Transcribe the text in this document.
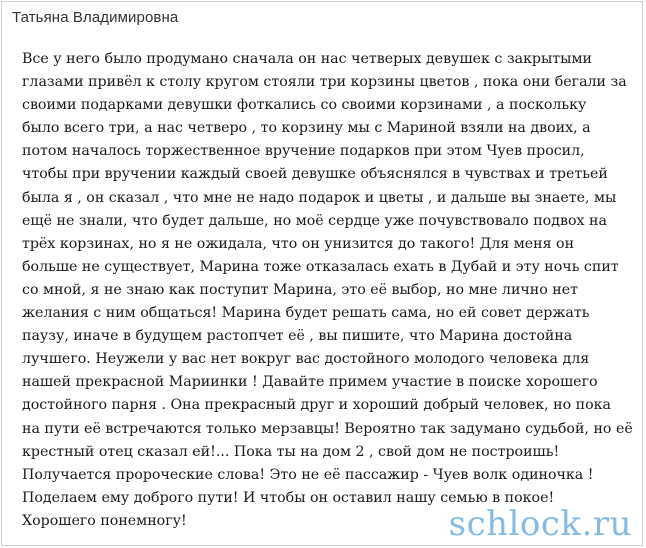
Татьяна Владимировна
Все у него было продумано сначала он нас четверых девушек с закрытыми
глазами привёл к столу кругом стояли три корзины цветов , пока они бегали за
своими подарками девушки фоткались со своими корзинами , а поскольку
было всего три, а нас четверо , то корзину мы с Мариной взяли на двоих, а
потом началось торжественное вручение подарков при этом Чуев просил,
чтобы при вручении каждый своей девушке объяснялся в чувствах и третьей
была я , он сказал , что мне не надо подарок и цветы , и дальше вы знаете, мы
ещё не знали, что будет дальше, но моё сердце уже почувствовало подвох на
трёх корзинах, но я не ожидала, что он унизится до такого! Для меня он
больше не существует, Марина тоже отказалась ехать в Дубай и эту ночь спит
со мной, я не знаю как поступит Марина, это её выбор, но мне лично нет
желания с ним общаться! Марина будет решать сама, но ей совет держать
паузу, иначе в будущем растопчет её , вы пишите, что Марина достойна
лучшего. Неужели у вас нет вокруг вас достойного молодого человека для
нашей прекрасной Мариинки ! Давайте примем участие в поиске хорошего
достойного парня . Она прекрасный друг и хороший добрый человек, но пока
на пути её встречаются только мерзавцы! Вероятно так задумано судьбой, но её
крестный отец сказал ей!... Пока ты на дом 2 , свой дом не построишь!
Получается пророческие слова! Это не её пассажир - Чуев волк одиночка !
Поделаем ему доброго пути! И чтобы он оставил нашу семью в покое!
Хорошего понемногу!	schlock.ru
